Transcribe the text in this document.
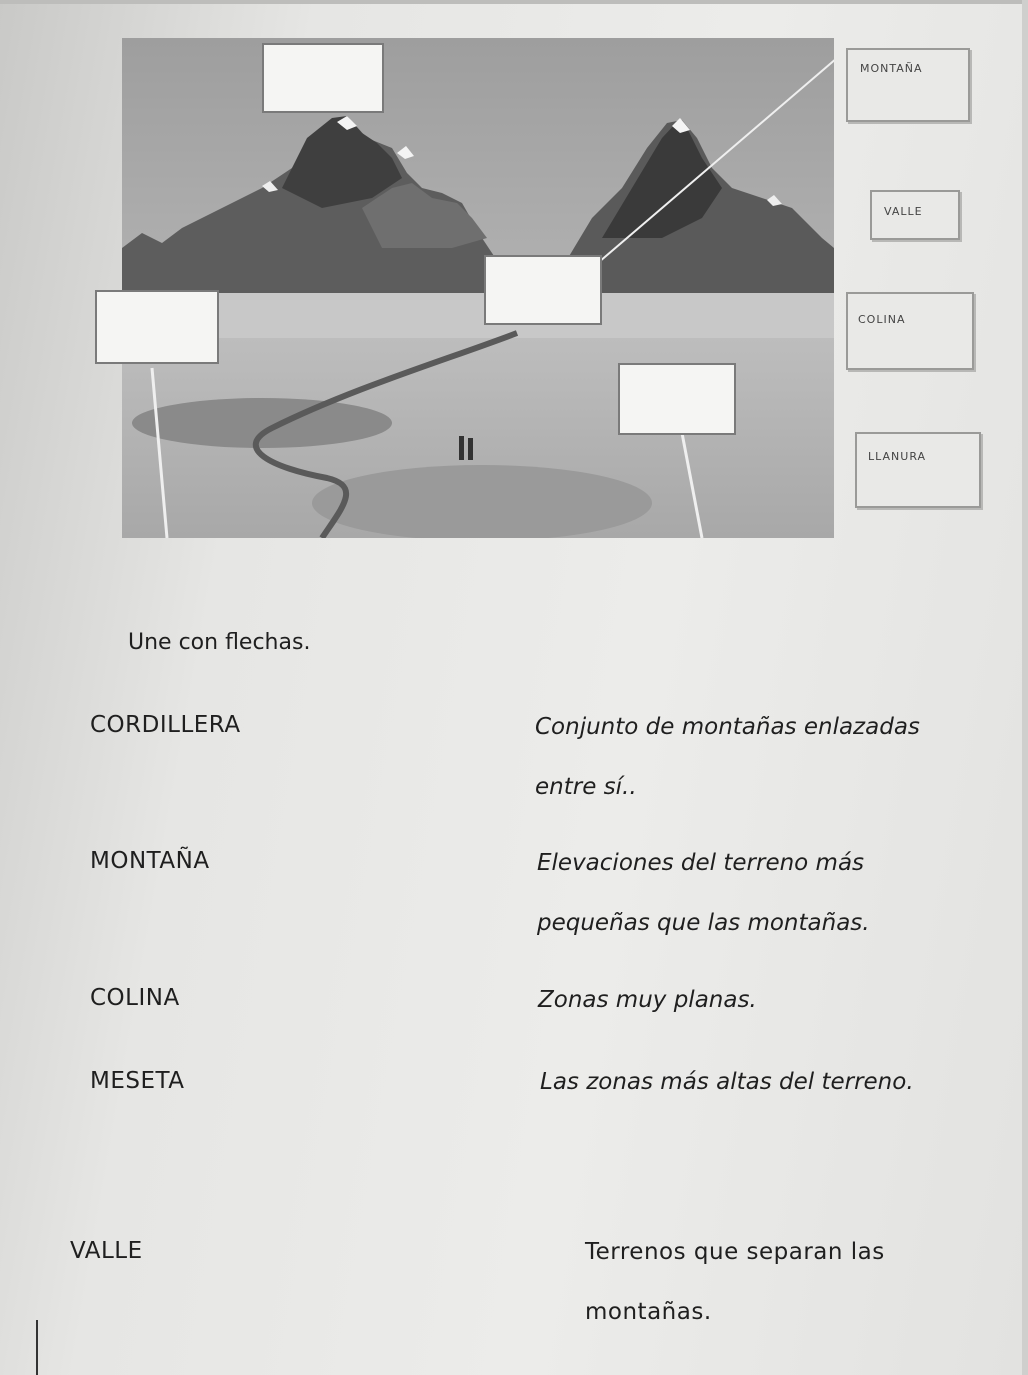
MONTAÑA
VALLE
COLINA
LLANURA
Une con flechas.
CORDILLERA
MONTAÑA
COLINA
MESETA
VALLE
Conjunto de montañas enlazadas
entre sí..
Elevaciones del terreno más
pequeñas que las montañas.
Zonas muy planas.
Las zonas más altas del terreno.
Terrenos que separan las
montañas.
